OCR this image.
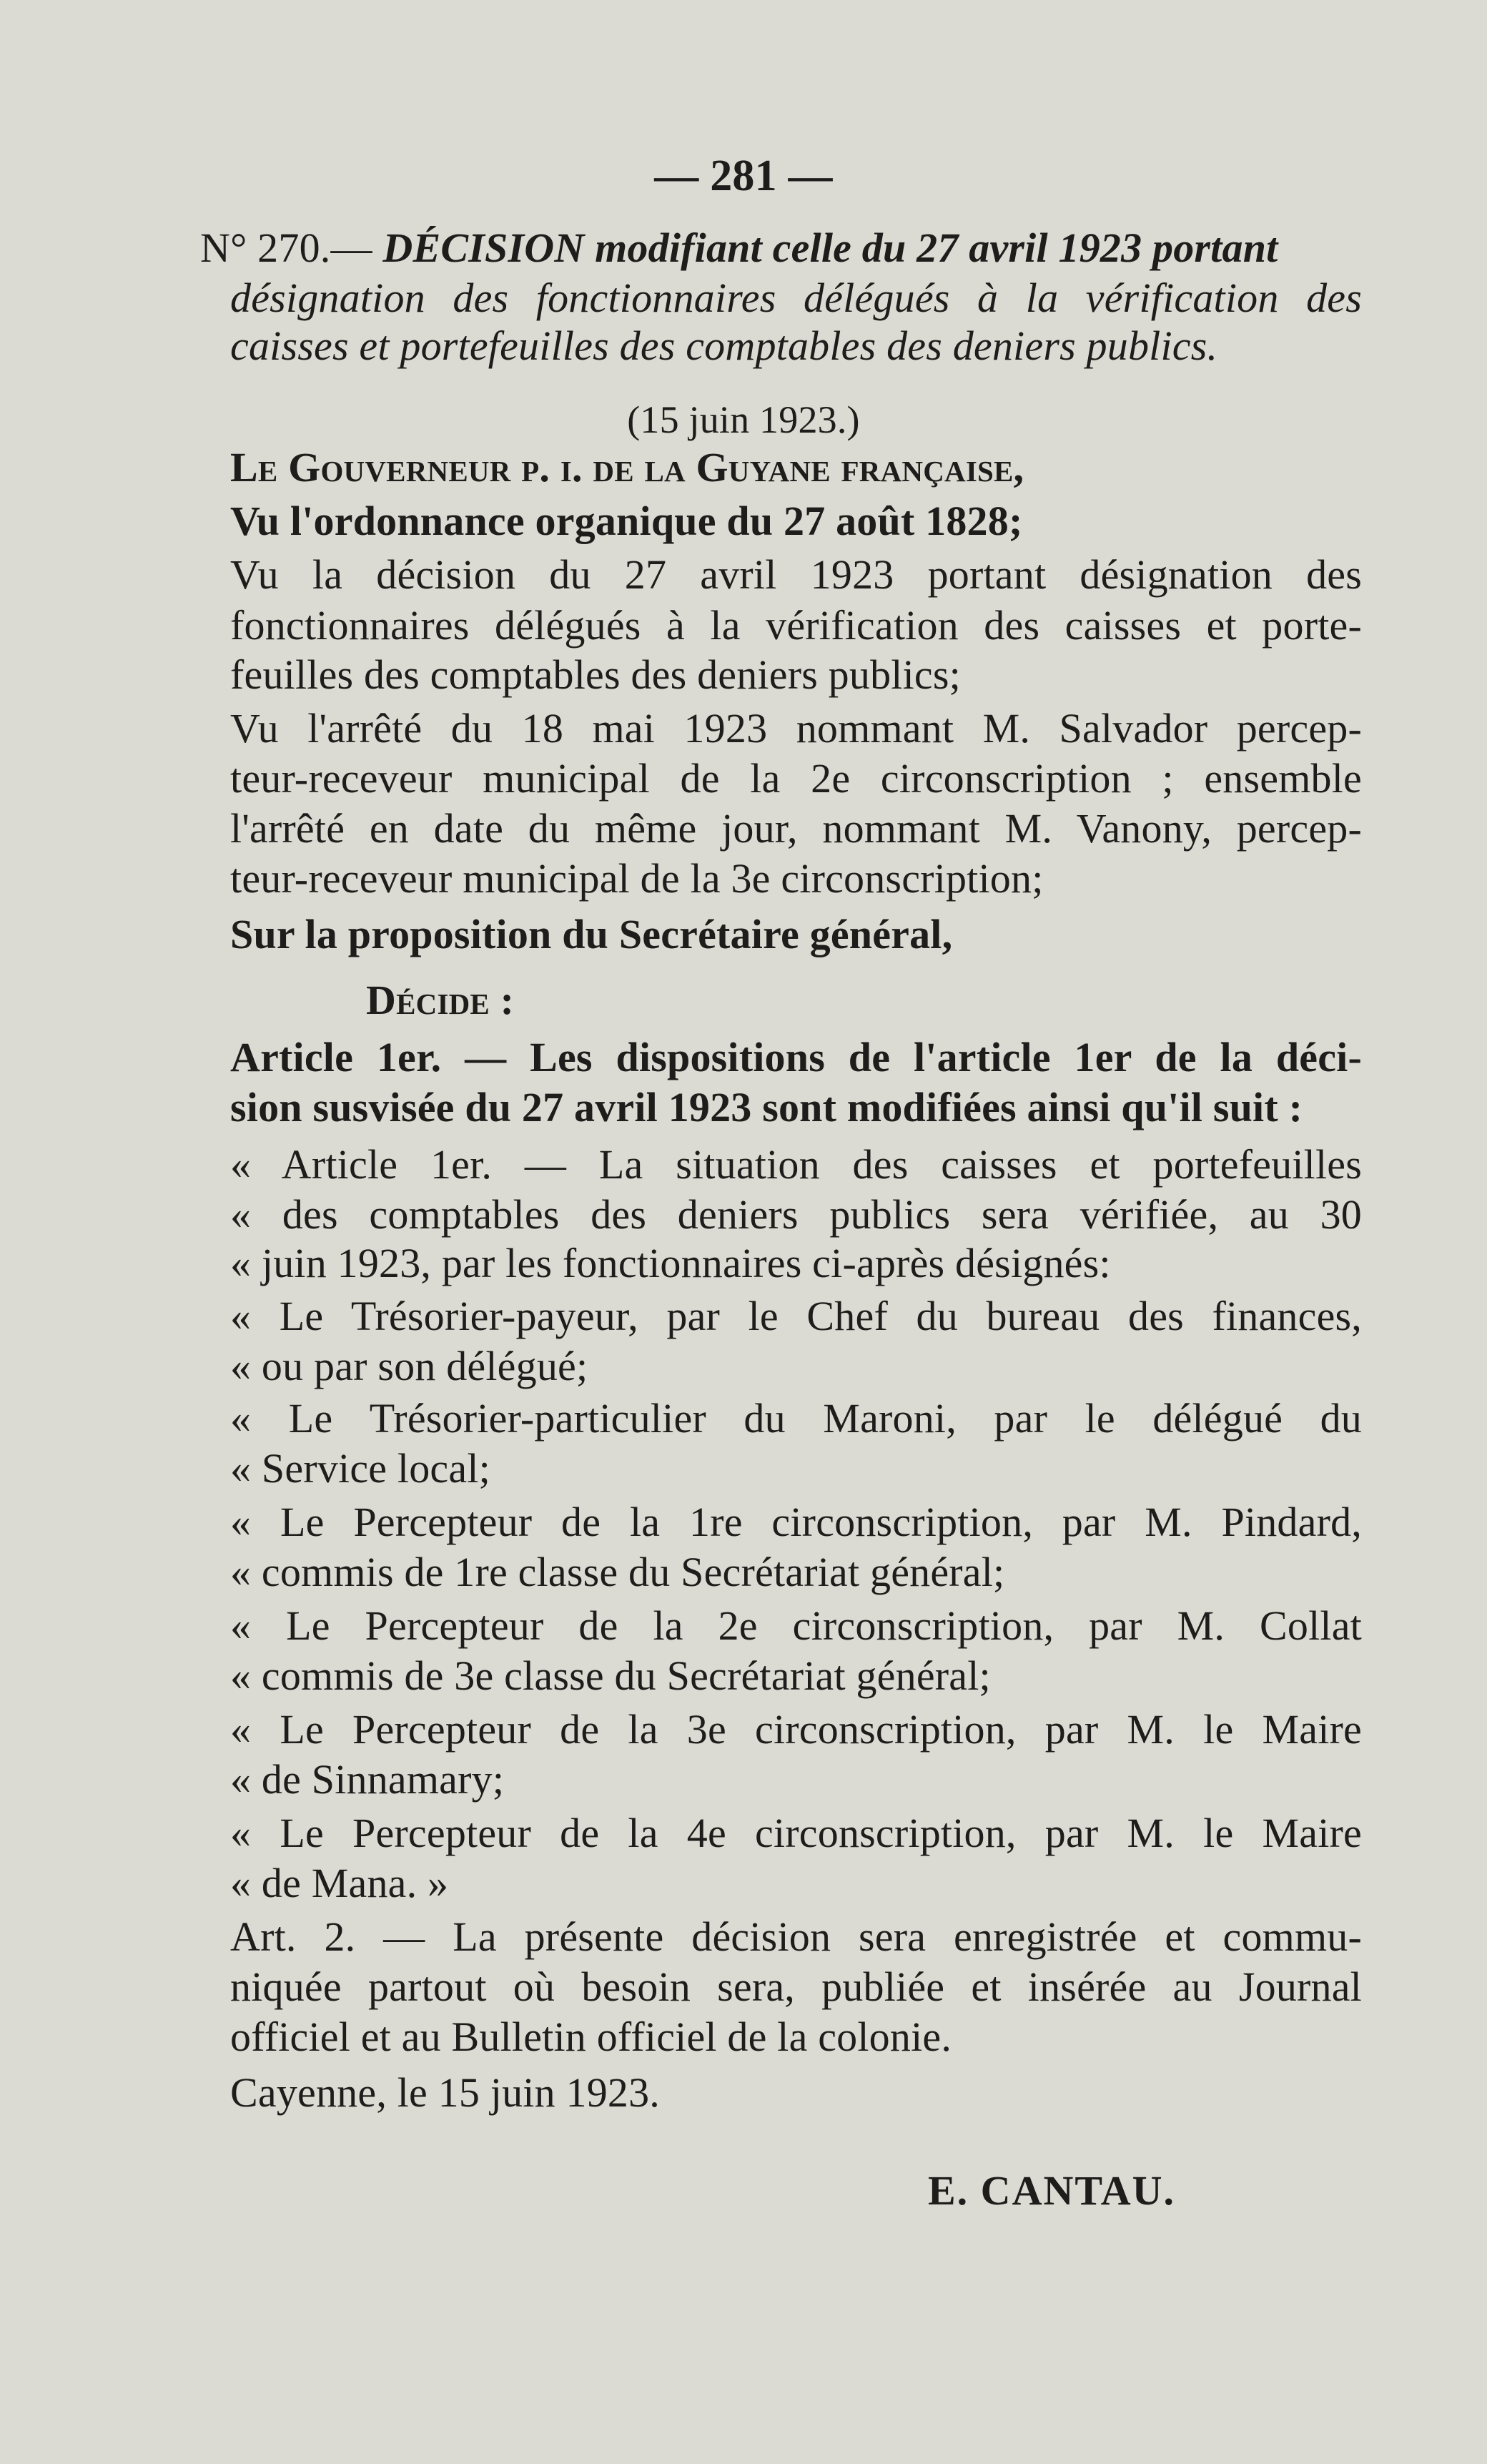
— 281 —
N° 270.— DÉCISION modifiant celle du 27 avril 1923 portant
désignation des fonctionnaires délégués à la vérification des
caisses et portefeuilles des comptables des deniers publics.
(15 juin 1923.)
Le Gouverneur p. i. de la Guyane française,
Vu l'ordonnance organique du 27 août 1828;
Vu la décision du 27 avril 1923 portant désignation des
fonctionnaires délégués à la vérification des caisses et porte-
feuilles des comptables des deniers publics;
Vu l'arrêté du 18 mai 1923 nommant M. Salvador percep-
teur-receveur municipal de la 2e circonscription ; ensemble
l'arrêté en date du même jour, nommant M. Vanony, percep-
teur-receveur municipal de la 3e circonscription;
Sur la proposition du Secrétaire général,
Décide :
Article 1er. — Les dispositions de l'article 1er de la déci-
sion susvisée du 27 avril 1923 sont modifiées ainsi qu'il suit :
« Article 1er. — La situation des caisses et portefeuilles
« des comptables des deniers publics sera vérifiée, au 30
« juin 1923, par les fonctionnaires ci-après désignés:
« Le Trésorier-payeur, par le Chef du bureau des finances,
« ou par son délégué;
« Le Trésorier-particulier du Maroni, par le délégué du
« Service local;
« Le Percepteur de la 1re circonscription, par M. Pindard,
« commis de 1re classe du Secrétariat général;
« Le Percepteur de la 2e circonscription, par M. Collat
« commis de 3e classe du Secrétariat général;
« Le Percepteur de la 3e circonscription, par M. le Maire
« de Sinnamary;
« Le Percepteur de la 4e circonscription, par M. le Maire
« de Mana. »
Art. 2. — La présente décision sera enregistrée et commu-
niquée partout où besoin sera, publiée et insérée au Journal
officiel et au Bulletin officiel de la colonie.
Cayenne, le 15 juin 1923.
E. CANTAU.
